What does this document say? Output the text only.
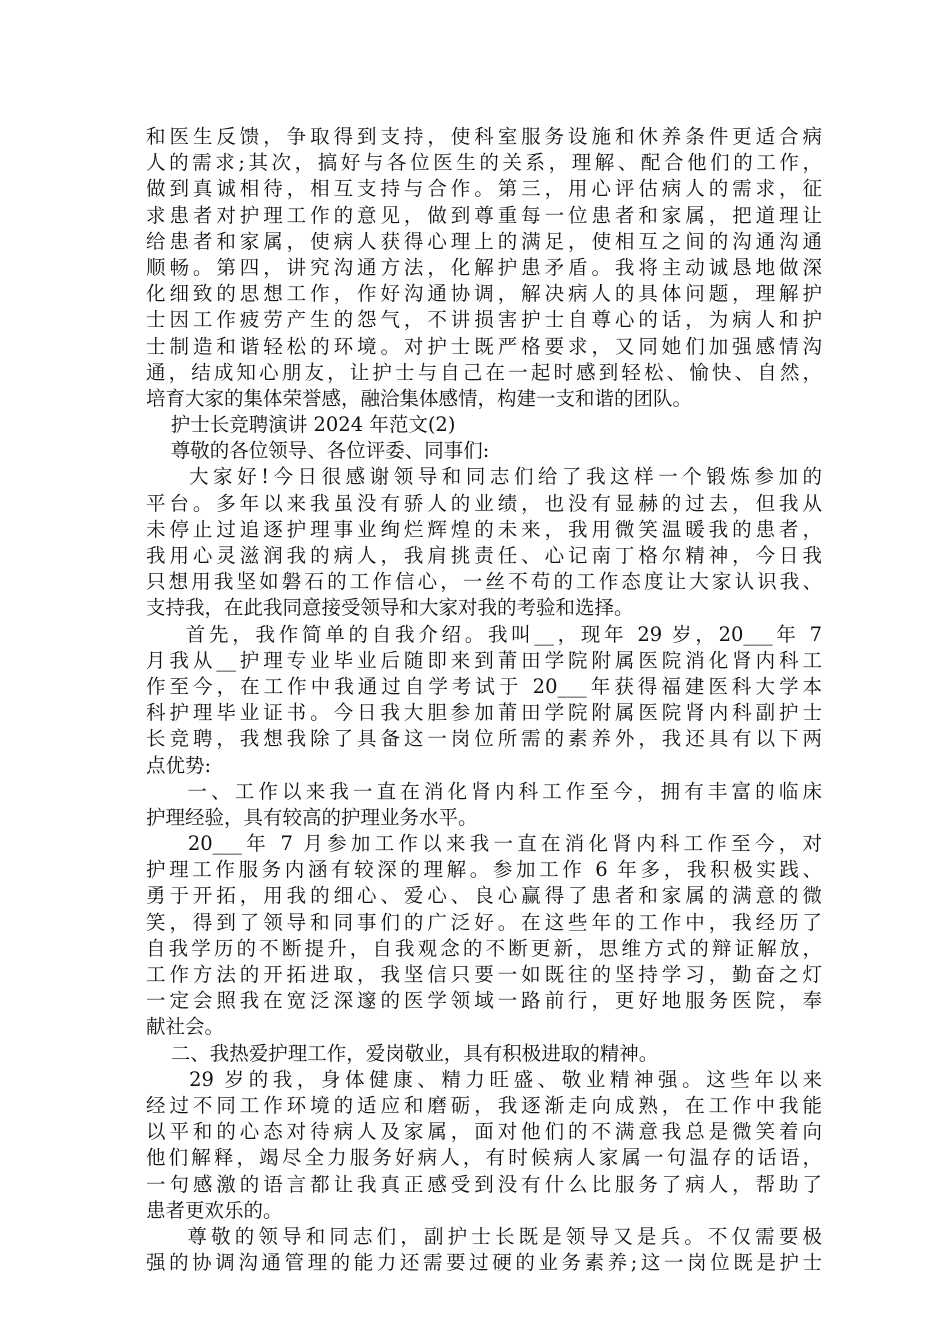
和医生反馈，争取得到支持，使科室服务设施和休养条件更适合病
人的需求;其次，搞好与各位医生的关系，理解、配合他们的工作，
做到真诚相待，相互支持与合作。第三，用心评估病人的需求，征
求患者对护理工作的意见，做到尊重每一位患者和家属，把道理让
给患者和家属，使病人获得心理上的满足，使相互之间的沟通沟通
顺畅。第四，讲究沟通方法，化解护患矛盾。我将主动诚恳地做深
化细致的思想工作，作好沟通协调，解决病人的具体问题，理解护
士因工作疲劳产生的怨气，不讲损害护士自尊心的话，为病人和护
士制造和谐轻松的环境。对护士既严格要求，又同她们加强感情沟
通，结成知心朋友，让护士与自己在一起时感到轻松、愉快、自然，
培育大家的集体荣誉感，融洽集体感情，构建一支和谐的团队。
护士长竞聘演讲 2024 年范文(2)
尊敬的各位领导、各位评委、同事们:
大家好!今日很感谢领导和同志们给了我这样一个锻炼参加的
平台。多年以来我虽没有骄人的业绩，也没有显赫的过去，但我从
未停止过追逐护理事业绚烂辉煌的未来，我用微笑温暖我的患者，
我用心灵滋润我的病人，我肩挑责任、心记南丁格尔精神，今日我
只想用我坚如磐石的工作信心，一丝不苟的工作态度让大家认识我、
支持我，在此我同意接受领导和大家对我的考验和选择。
首先，我作简单的自我介绍。我叫__，现年 29 岁，20___年 7
月我从__护理专业毕业后随即来到莆田学院附属医院消化肾内科工
作至今，在工作中我通过自学考试于 20___年获得福建医科大学本
科护理毕业证书。今日我大胆参加莆田学院附属医院肾内科副护士
长竞聘，我想我除了具备这一岗位所需的素养外，我还具有以下两
点优势:
一、工作以来我一直在消化肾内科工作至今，拥有丰富的临床
护理经验，具有较高的护理业务水平。
20___年 7 月参加工作以来我一直在消化肾内科工作至今，对
护理工作服务内涵有较深的理解。参加工作 6 年多，我积极实践、
勇于开拓，用我的细心、爱心、良心赢得了患者和家属的满意的微
笑，得到了领导和同事们的广泛好。在这些年的工作中，我经历了
自我学历的不断提升，自我观念的不断更新，思维方式的辩证解放，
工作方法的开拓进取，我坚信只要一如既往的坚持学习，勤奋之灯
一定会照我在宽泛深邃的医学领域一路前行，更好地服务医院，奉
献社会。
二、我热爱护理工作，爱岗敬业，具有积极进取的精神。
29 岁的我，身体健康、精力旺盛、敬业精神强。这些年以来
经过不同工作环境的适应和磨砺，我逐渐走向成熟，在工作中我能
以平和的心态对待病人及家属，面对他们的不满意我总是微笑着向
他们解释，竭尽全力服务好病人，有时候病人家属一句温存的话语，
一句感激的语言都让我真正感受到没有什么比服务了病人，帮助了
患者更欢乐的。
尊敬的领导和同志们，副护士长既是领导又是兵。不仅需要极
强的协调沟通管理的能力还需要过硬的业务素养;这一岗位既是护士
